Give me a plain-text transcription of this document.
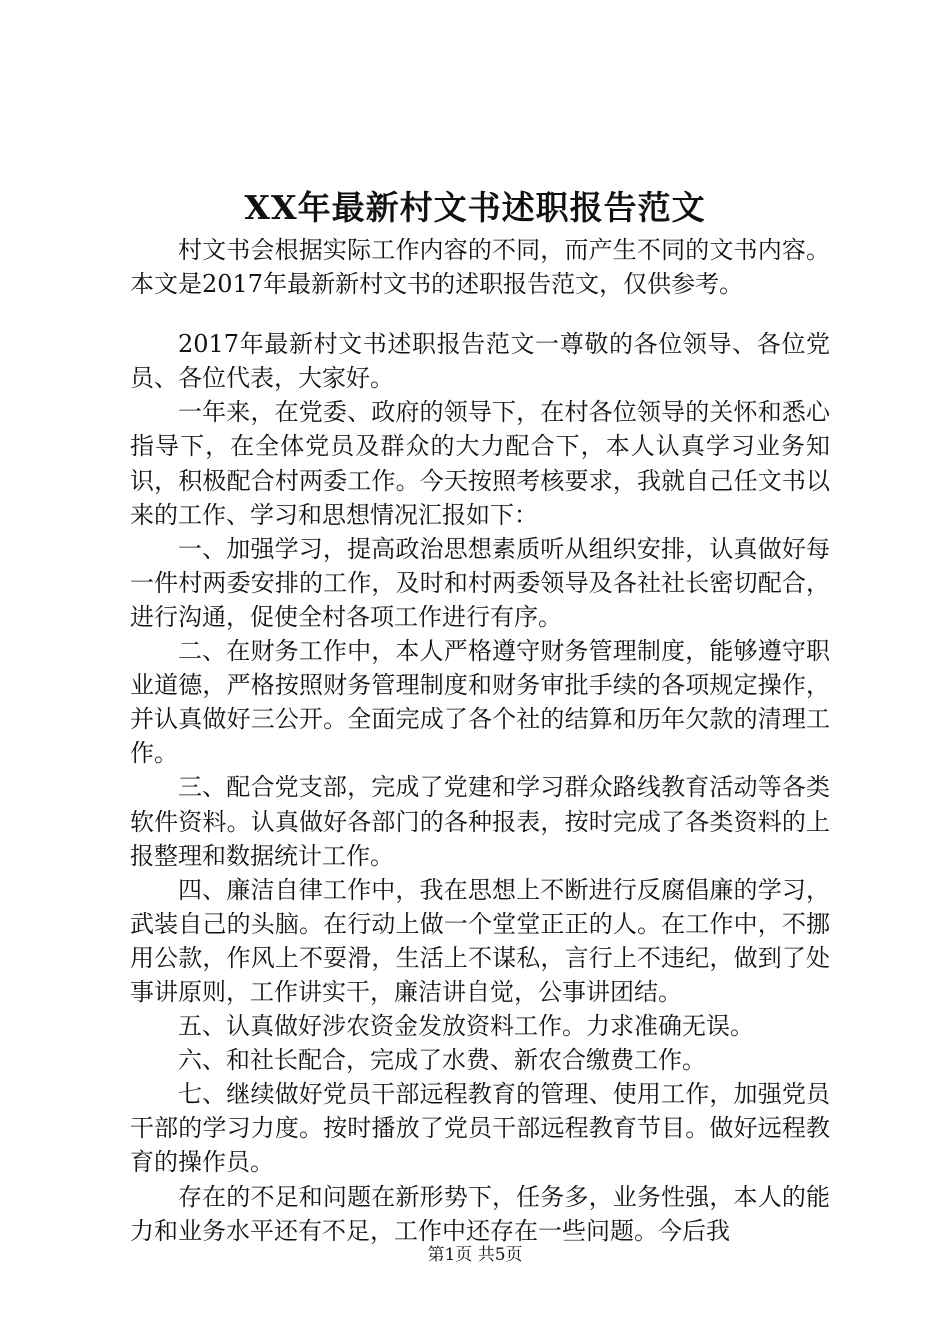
XX年最新村文书述职报告范文

村文书会根据实际工作内容的不同，而产生不同的文书内容。本文是2017年最新新村文书的述职报告范文，仅供参考。

2017年最新村文书述职报告范文一尊敬的各位领导、各位党员、各位代表，大家好。

一年来，在党委、政府的领导下，在村各位领导的关怀和悉心指导下，在全体党员及群众的大力配合下，本人认真学习业务知识，积极配合村两委工作。今天按照考核要求，我就自己任文书以来的工作、学习和思想情况汇报如下：

一、加强学习，提高政治思想素质听从组织安排，认真做好每一件村两委安排的工作，及时和村两委领导及各社社长密切配合，进行沟通，促使全村各项工作进行有序。

二、在财务工作中，本人严格遵守财务管理制度，能够遵守职业道德，严格按照财务管理制度和财务审批手续的各项规定操作，并认真做好三公开。全面完成了各个社的结算和历年欠款的清理工作。

三、配合党支部，完成了党建和学习群众路线教育活动等各类软件资料。认真做好各部门的各种报表，按时完成了各类资料的上报整理和数据统计工作。

四、廉洁自律工作中，我在思想上不断进行反腐倡廉的学习，武装自己的头脑。在行动上做一个堂堂正正的人。在工作中，不挪用公款，作风上不耍滑，生活上不谋私，言行上不违纪，做到了处事讲原则，工作讲实干，廉洁讲自觉，公事讲团结。

五、认真做好涉农资金发放资料工作。力求准确无误。

六、和社长配合，完成了水费、新农合缴费工作。

七、继续做好党员干部远程教育的管理、使用工作，加强党员干部的学习力度。按时播放了党员干部远程教育节目。做好远程教育的操作员。

存在的不足和问题在新形势下，任务多，业务性强，本人的能力和业务水平还有不足，工作中还存在一些问题。今后我

第1页 共5页
